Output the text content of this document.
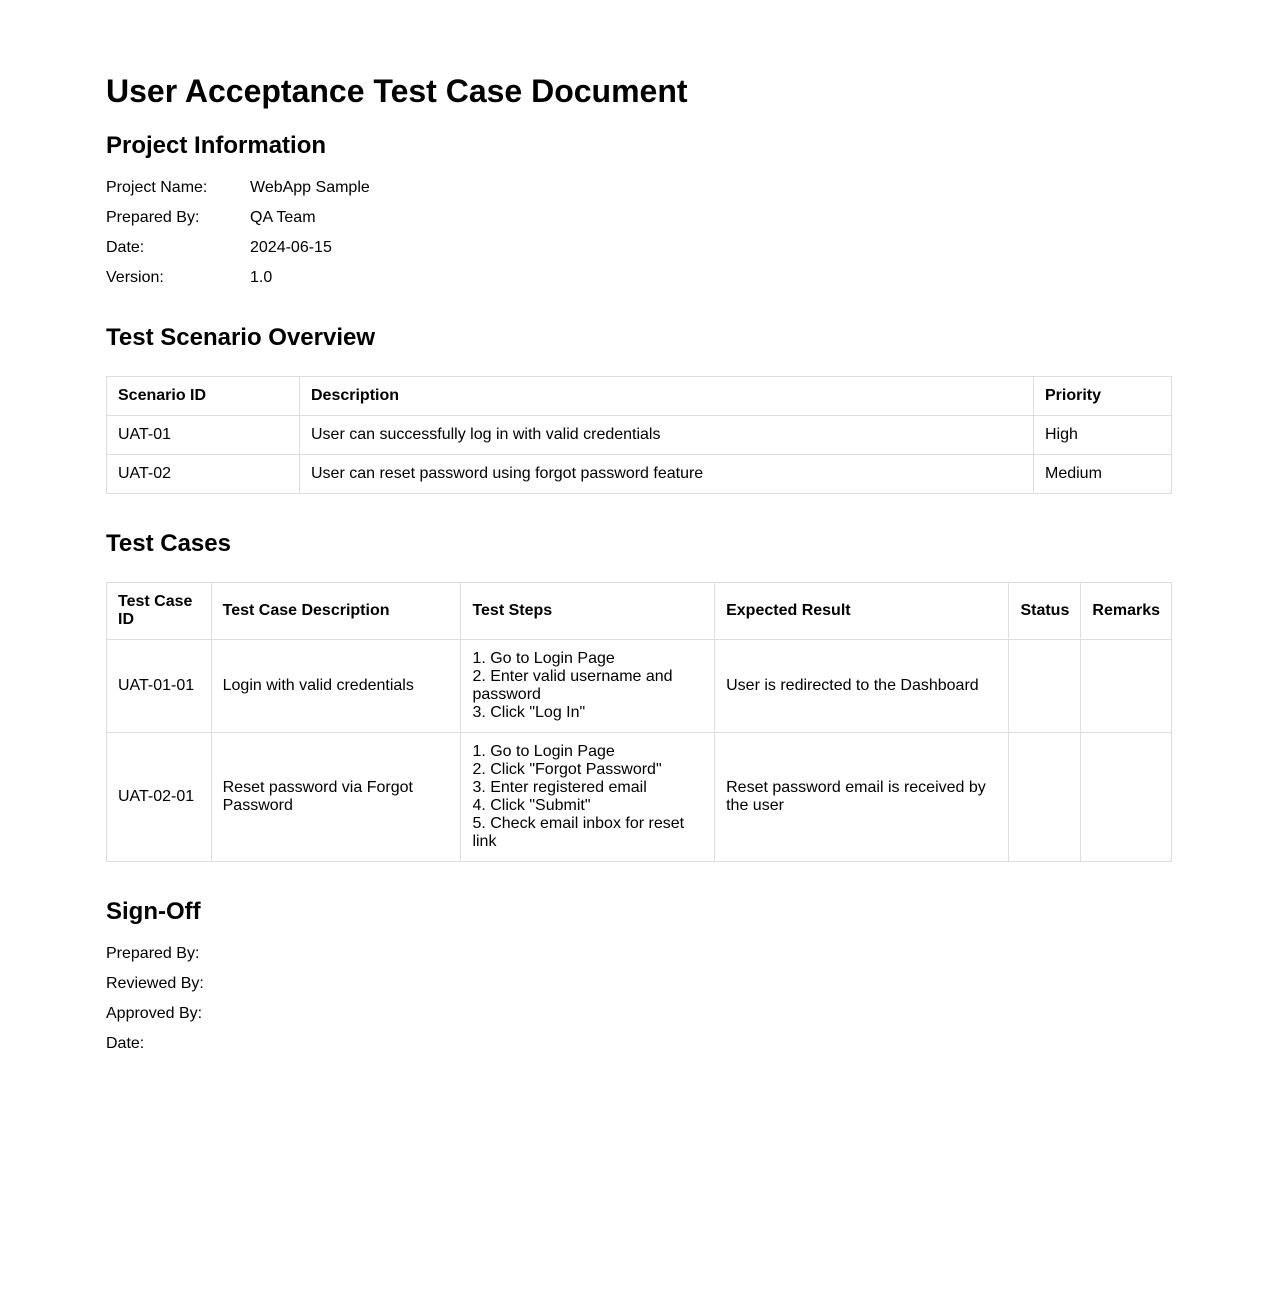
User Acceptance Test Case Document
Project Information
Project Name:	WebApp Sample
Prepared By:	QA Team
Date:	2024-06-15
Version:	1.0
Test Scenario Overview
Scenario ID	Description	Priority
UAT-01	User can successfully log in with valid credentials	High
UAT-02	User can reset password using forgot password feature	Medium
Test Cases
Test Case ID	Test Case Description	Test Steps	Expected Result	Status	Remarks
UAT-01-01	Login with valid credentials	1. Go to Login Page
2. Enter valid username and password
3. Click "Log In"	User is redirected to the Dashboard		
UAT-02-01	Reset password via Forgot Password	1. Go to Login Page
2. Click "Forgot Password"
3. Enter registered email
4. Click "Submit"
5. Check email inbox for reset link	Reset password email is received by the user		
Sign-Off
Prepared By:
Reviewed By:
Approved By:
Date:
